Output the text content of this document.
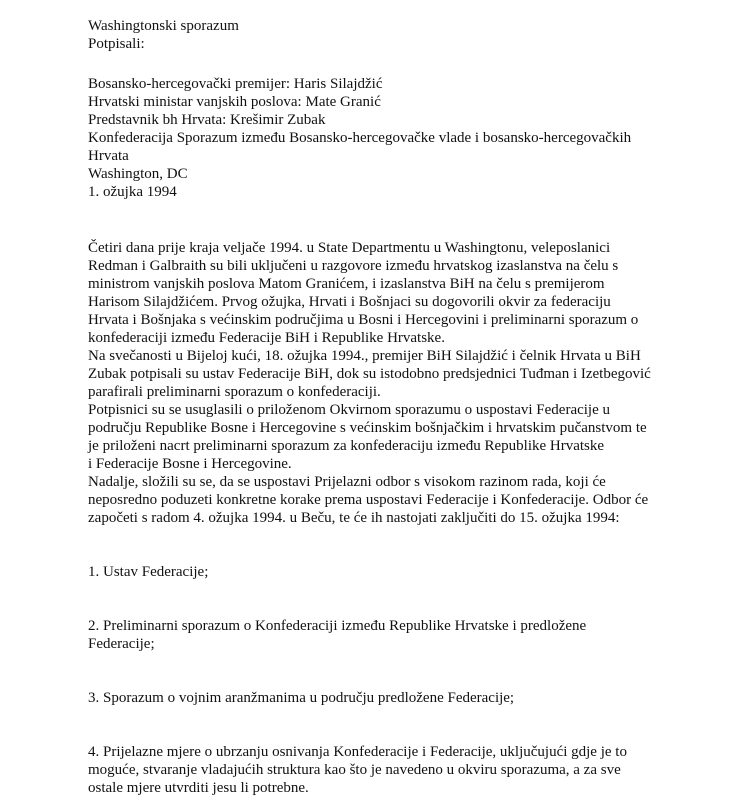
Washingtonski sporazum
Potpisali:
Bosansko-hercegovački premijer: Haris Silajdžić
Hrvatski ministar vanjskih poslova: Mate Granić
Predstavnik bh Hrvata: Krešimir Zubak
Konfederacija Sporazum između Bosansko-hercegovačke vlade i bosansko-hercegovačkih
Hrvata
Washington, DC
1. ožujka 1994
Četiri dana prije kraja veljače 1994. u State Departmentu u Washingtonu, veleposlanici
Redman i Galbraith su bili uključeni u razgovore između hrvatskog izaslanstva na čelu s
ministrom vanjskih poslova Matom Granićem, i izaslanstva BiH na čelu s premijerom
Harisom Silajdžićem. Prvog ožujka, Hrvati i Bošnjaci su dogovorili okvir za federaciju
Hrvata i Bošnjaka s većinskim područjima u Bosni i Hercegovini i preliminarni sporazum o
konfederaciji između Federacije BiH i Republike Hrvatske.
Na svečanosti u Bijeloj kući, 18. ožujka 1994., premijer BiH Silajdžić i čelnik Hrvata u BiH
Zubak potpisali su ustav Federacije BiH, dok su istodobno predsjednici Tuđman i Izetbegović
parafirali preliminarni sporazum o konfederaciji.
Potpisnici su se usuglasili o priloženom Okvirnom sporazumu o uspostavi Federacije u
području Republike Bosne i Hercegovine s većinskim bošnjačkim i hrvatskim pučanstvom te
je priloženi nacrt preliminarni sporazum za konfederaciju između Republike Hrvatske
i Federacije Bosne i Hercegovine.
Nadalje, složili su se, da se uspostavi Prijelazni odbor s visokom razinom rada, koji će
neposredno poduzeti konkretne korake prema uspostavi Federacije i Konfederacije. Odbor će
započeti s radom 4. ožujka 1994. u Beču, te će ih nastojati zaključiti do 15. ožujka 1994:
1. Ustav Federacije;
2. Preliminarni sporazum o Konfederaciji između Republike Hrvatske i predložene
Federacije;
3. Sporazum o vojnim aranžmanima u području predložene Federacije;
4. Prijelazne mjere o ubrzanju osnivanja Konfederacije i Federacije, uključujući gdje je to
moguće, stvaranje vladajućih struktura kao što je navedeno u okviru sporazuma, a za sve
ostale mjere utvrditi jesu li potrebne.
